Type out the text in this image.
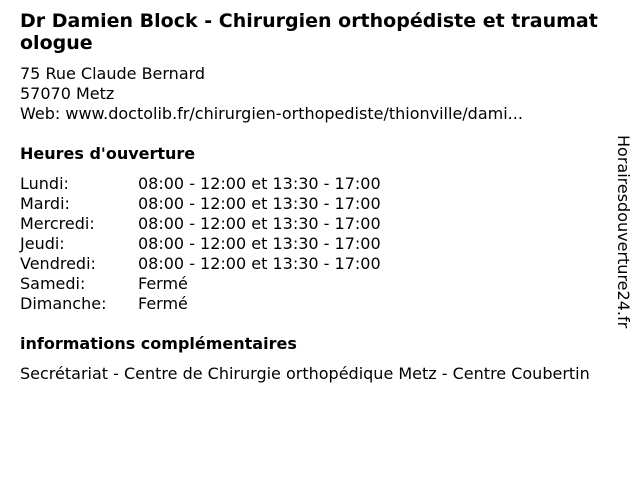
Dr Damien Block - Chirurgien orthopédiste et traumatologue
75 Rue Claude Bernard
57070 Metz
Web: www.doctolib.fr/chirurgien-orthopediste/thionville/dami...
Heures d'ouverture
Lundi:	08:00 - 12:00 et 13:30 - 17:00
Mardi:	08:00 - 12:00 et 13:30 - 17:00
Mercredi:	08:00 - 12:00 et 13:30 - 17:00
Jeudi:	08:00 - 12:00 et 13:30 - 17:00
Vendredi:	08:00 - 12:00 et 13:30 - 17:00
Samedi:	Fermé
Dimanche:	Fermé
informations complémentaires
Secrétariat - Centre de Chirurgie orthopédique Metz - Centre Coubertin
Horairesdouverture24.fr
